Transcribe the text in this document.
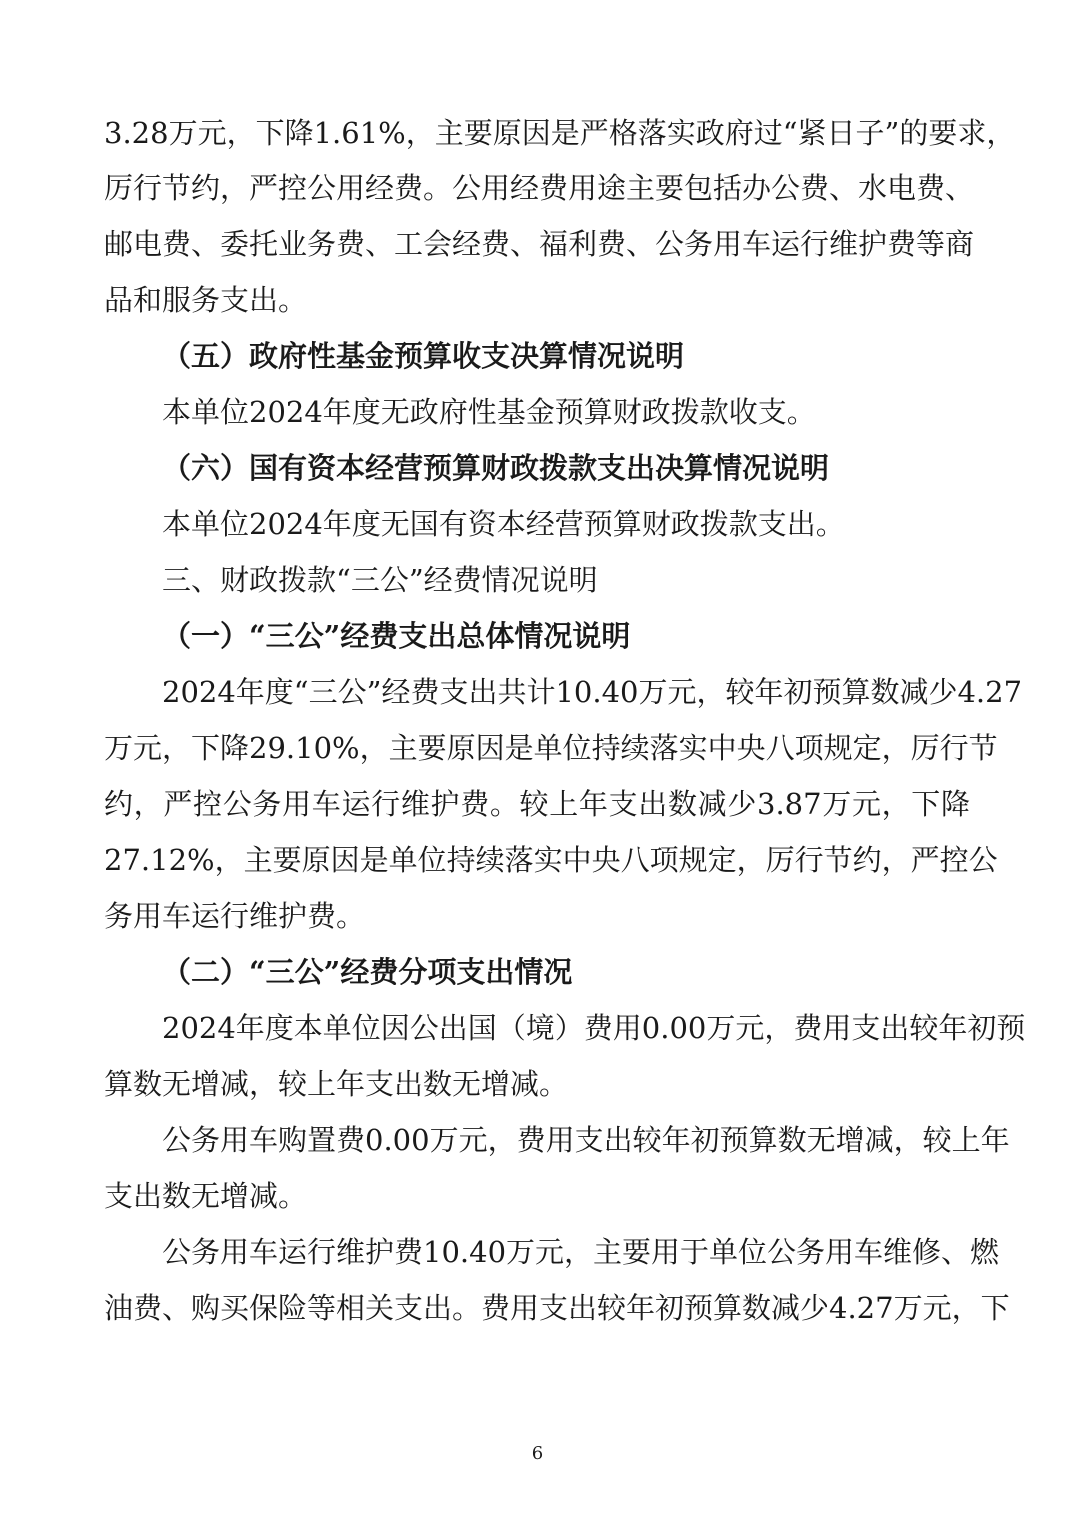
3.28万元，下降1.61%，主要原因是严格落实政府过“紧日子”的要求，
厉行节约，严控公用经费。公用经费用途主要包括办公费、水电费、
邮电费、委托业务费、工会经费、福利费、公务用车运行维护费等商
品和服务支出。
（五）政府性基金预算收支决算情况说明
本单位2024年度无政府性基金预算财政拨款收支。
（六）国有资本经营预算财政拨款支出决算情况说明
本单位2024年度无国有资本经营预算财政拨款支出。
三、财政拨款“三公”经费情况说明
（一）“三公”经费支出总体情况说明
2024年度“三公”经费支出共计10.40万元，较年初预算数减少4.27
万元，下降29.10%，主要原因是单位持续落实中央八项规定，厉行节
约，严控公务用车运行维护费。较上年支出数减少3.87万元，下降
27.12%，主要原因是单位持续落实中央八项规定，厉行节约，严控公
务用车运行维护费。
（二）“三公”经费分项支出情况
2024年度本单位因公出国（境）费用0.00万元，费用支出较年初预
算数无增减，较上年支出数无增减。
公务用车购置费0.00万元，费用支出较年初预算数无增减，较上年
支出数无增减。
公务用车运行维护费10.40万元，主要用于单位公务用车维修、燃
油费、购买保险等相关支出。费用支出较年初预算数减少4.27万元，下
6
